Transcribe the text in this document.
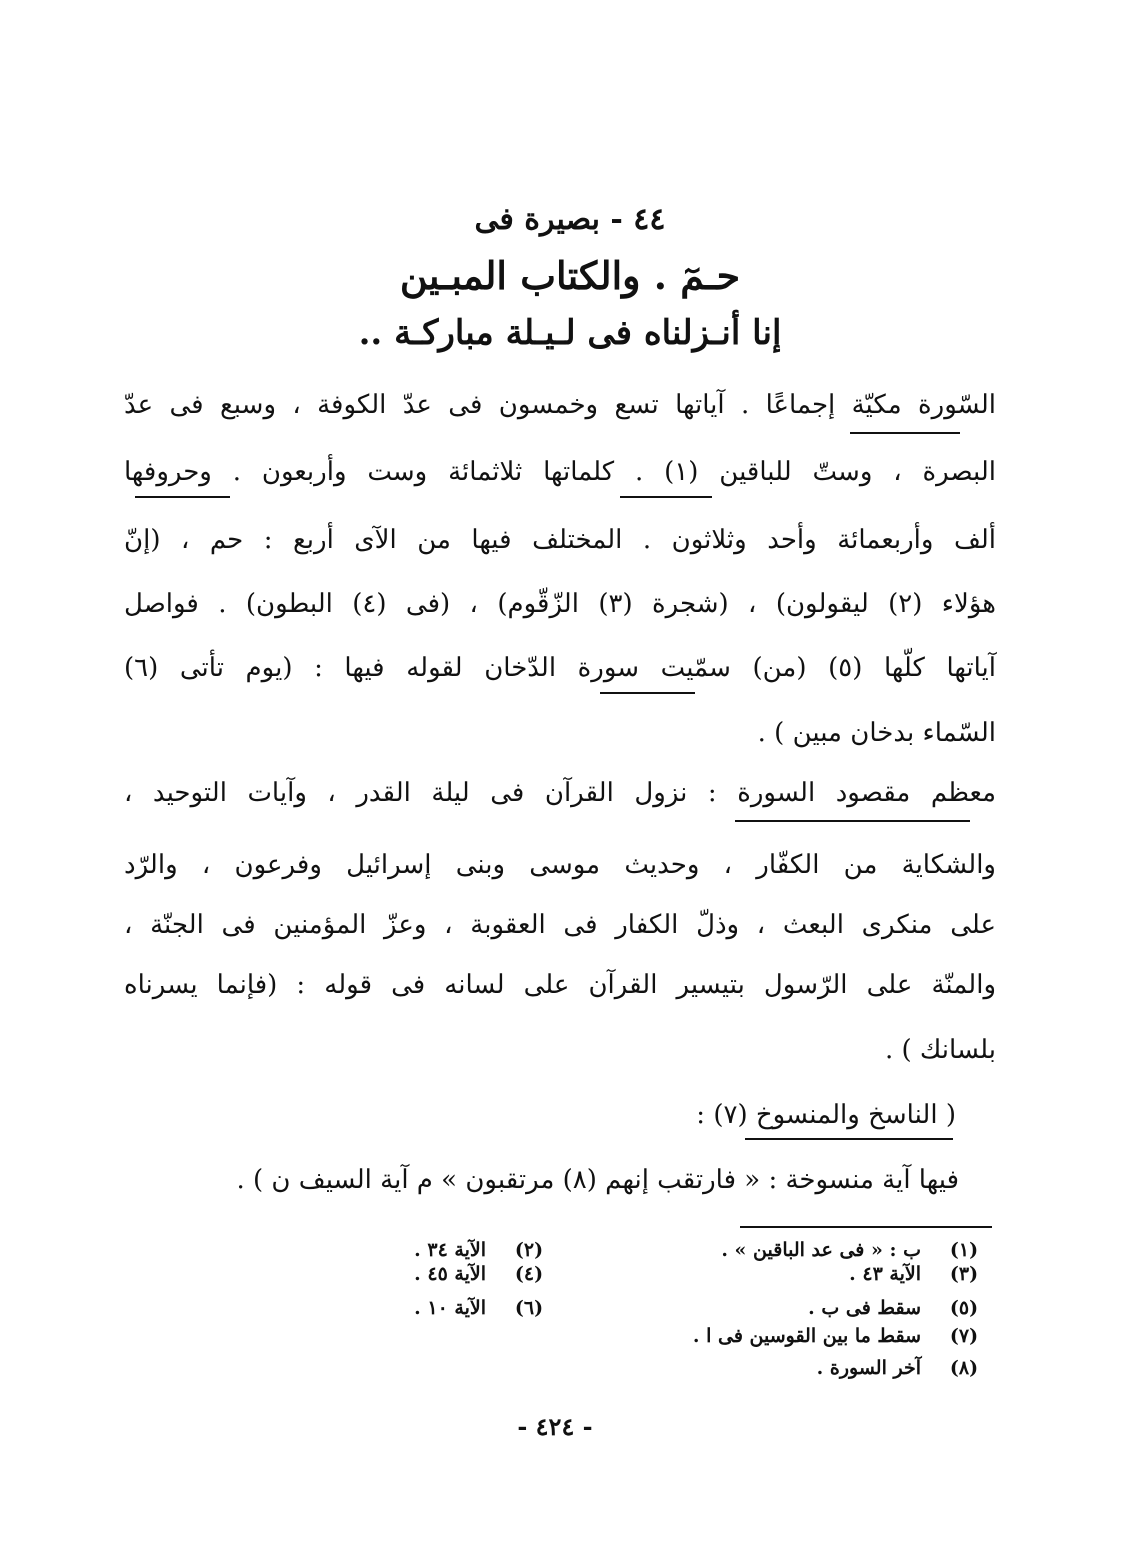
٤٤ - بصيرة فى
حـمٓ . والكتاب المبـين
إنا أنـزلناه فى لـيـلة مباركـة ..
السّورة مكيّة إجماعًا . آياتها تسع وخمسون فى عدّ الكوفة ، وسبع فى عدّ
البصرة ، وستّ للباقين (١) . كلماتها ثلاثمائة وست وأربعون . وحروفها
ألف وأربعمائة وأحد وثلاثون . المختلف فيها من الآى أربع : حم ، (إنّ
هؤلاء (٢) ليقولون) ، (شجرة (٣) الزّقّوم) ، (فى (٤) البطون) . فواصل
آياتها كلّها (٥) (من) سمّيت سورة الدّخان لقوله فيها : (يوم تأتى (٦)
السّماء بدخان مبين ) .
معظم مقصود السورة : نزول القرآن فى ليلة القدر ، وآيات التوحيد ،
والشكاية من الكفّار ، وحديث موسى وبنى إسرائيل وفرعون ، والرّد
على منكرى البعث ، وذلّ الكفار فى العقوبة ، وعزّ المؤمنين فى الجنّة ،
والمنّة على الرّسول بتيسير القرآن على لسانه فى قوله : (فإنما يسرناه
بلسانك ) .
( الناسخ والمنسوخ (٧) :
فيها آية منسوخة : « فارتقب إنهم (٨) مرتقبون » م آية السيف ن ) .
(١)
ب : « فى عد الباقين » .
(٣)
الآية ٤٣ .
(٥)
سقط فى ب .
(٧)
سقط ما بين القوسين فى ا .
(٨)
آخر السورة .
(٢)
الآية ٣٤ .
(٤)
الآية ٤٥ .
(٦)
الآية ١٠ .
- ٤٢٤ -
